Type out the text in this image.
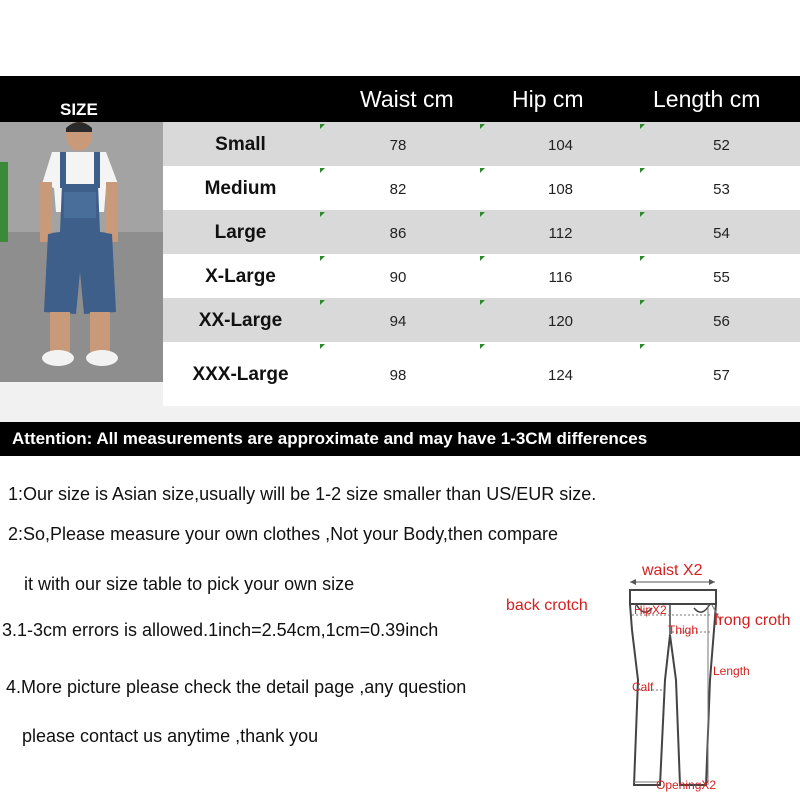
SIZE	Waist cm	Hip cm	Length cm
Small	78	104	52
Medium	82	108	53
Large	86	112	54
X-Large	90	116	55
XX-Large	94	120	56
XXX-Large	98	124	57
Attention: All measurements are approximate and may have 1-3CM differences
1:Our size is Asian size,usually will be 1-2 size smaller than US/EUR size.
2:So,Please measure your own clothes ,Not your Body,then compare
it with our size table to pick your own size
3.1-3cm errors is allowed.1inch=2.54cm,1cm=0.39inch
4.More picture please check the detail page ,any question
please contact us anytime ,thank you
waist X2
back crotch	HipX2
frong croth
Thigh
Length
Calf
OpeningX2
